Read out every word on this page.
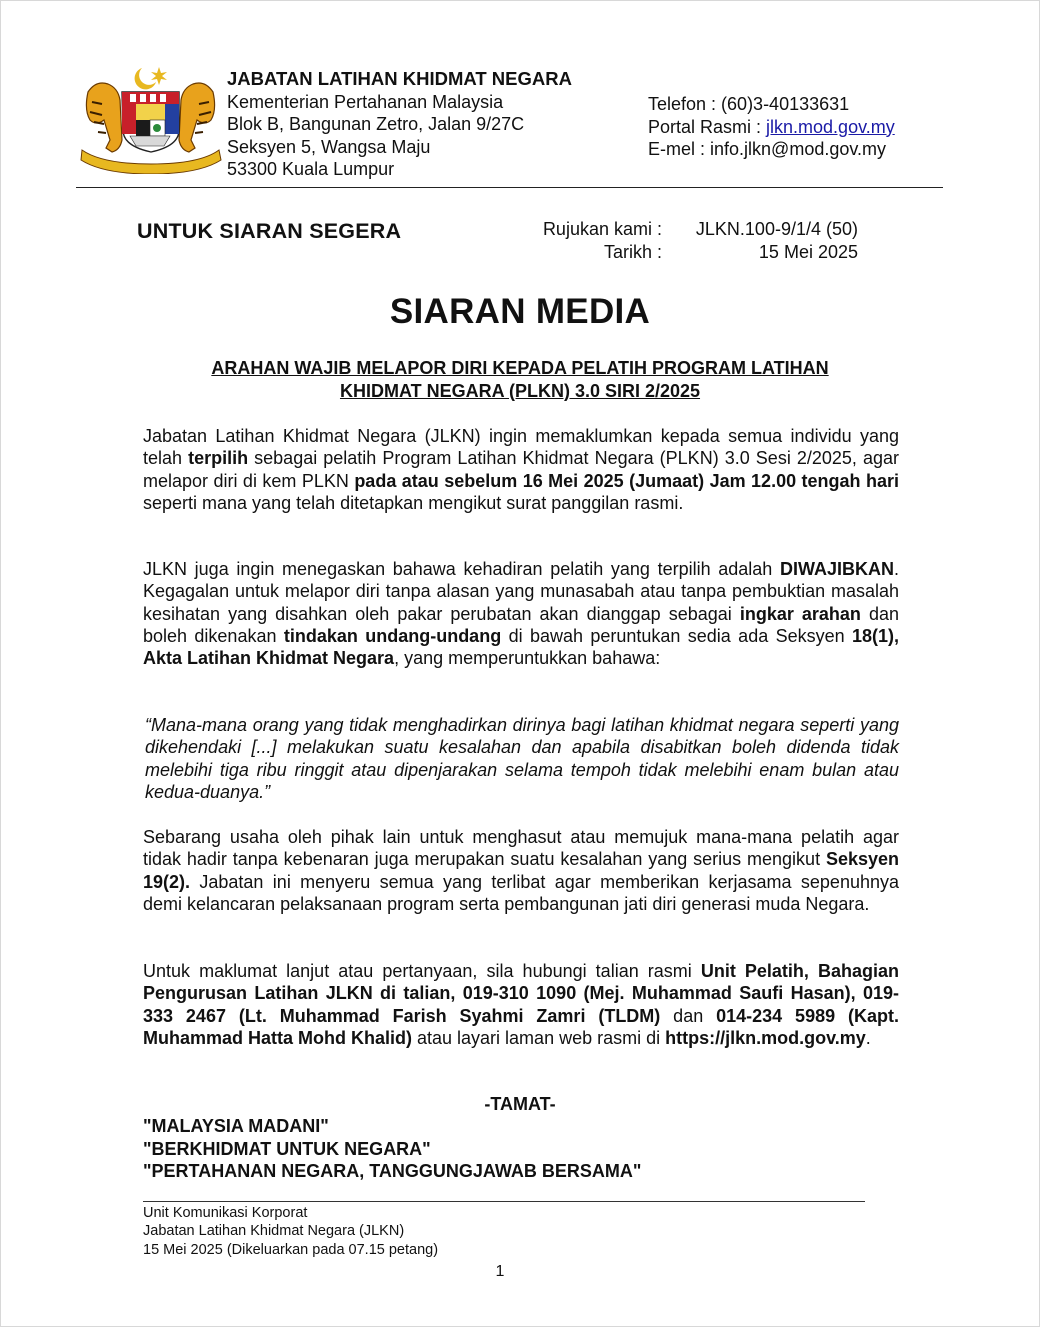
JABATAN LATIHAN KHIDMAT NEGARA
Kementerian Pertahanan Malaysia
Blok B, Bangunan Zetro, Jalan 9/27C
Seksyen 5, Wangsa Maju
53300 Kuala Lumpur
Telefon : (60)3-40133631
Portal Rasmi : jlkn.mod.gov.my
E-mel : info.jlkn@mod.gov.my
UNTUK SIARAN SEGERA	Rujukan kami : JLKN.100-9/1/4 (50)
Tarikh :	15 Mei 2025
SIARAN MEDIA
ARAHAN WAJIB MELAPOR DIRI KEPADA PELATIH PROGRAM LATIHAN
KHIDMAT NEGARA (PLKN) 3.0 SIRI 2/2025
Jabatan Latihan Khidmat Negara (JLKN) ingin memaklumkan kepada semua individu yang telah terpilih sebagai pelatih Program Latihan Khidmat Negara (PLKN) 3.0 Sesi 2/2025, agar melapor diri di kem PLKN pada atau sebelum 16 Mei 2025 (Jumaat) Jam 12.00 tengah hari seperti mana yang telah ditetapkan mengikut surat panggilan rasmi.
JLKN juga ingin menegaskan bahawa kehadiran pelatih yang terpilih adalah DIWAJIBKAN. Kegagalan untuk melapor diri tanpa alasan yang munasabah atau tanpa pembuktian masalah kesihatan yang disahkan oleh pakar perubatan akan dianggap sebagai ingkar arahan dan boleh dikenakan tindakan undang-undang di bawah peruntukan sedia ada Seksyen 18(1), Akta Latihan Khidmat Negara, yang memperuntukkan bahawa:
“Mana-mana orang yang tidak menghadirkan dirinya bagi latihan khidmat negara seperti yang dikehendaki [...] melakukan suatu kesalahan dan apabila disabitkan boleh didenda tidak melebihi tiga ribu ringgit atau dipenjarakan selama tempoh tidak melebihi enam bulan atau kedua-duanya.”
Sebarang usaha oleh pihak lain untuk menghasut atau memujuk mana-mana pelatih agar tidak hadir tanpa kebenaran juga merupakan suatu kesalahan yang serius mengikut Seksyen 19(2). Jabatan ini menyeru semua yang terlibat agar memberikan kerjasama sepenuhnya demi kelancaran pelaksanaan program serta pembangunan jati diri generasi muda Negara.
Untuk maklumat lanjut atau pertanyaan, sila hubungi talian rasmi Unit Pelatih, Bahagian Pengurusan Latihan JLKN di talian, 019-310 1090 (Mej. Muhammad Saufi Hasan), 019-333 2467 (Lt. Muhammad Farish Syahmi Zamri (TLDM) dan 014-234 5989 (Kapt. Muhammad Hatta Mohd Khalid) atau layari laman web rasmi di https://jlkn.mod.gov.my.
-TAMAT-
"MALAYSIA MADANI"
"BERKHIDMAT UNTUK NEGARA"
"PERTAHANAN NEGARA, TANGGUNGJAWAB BERSAMA"
Unit Komunikasi Korporat
Jabatan Latihan Khidmat Negara (JLKN)
15 Mei 2025 (Dikeluarkan pada 07.15 petang)
1
